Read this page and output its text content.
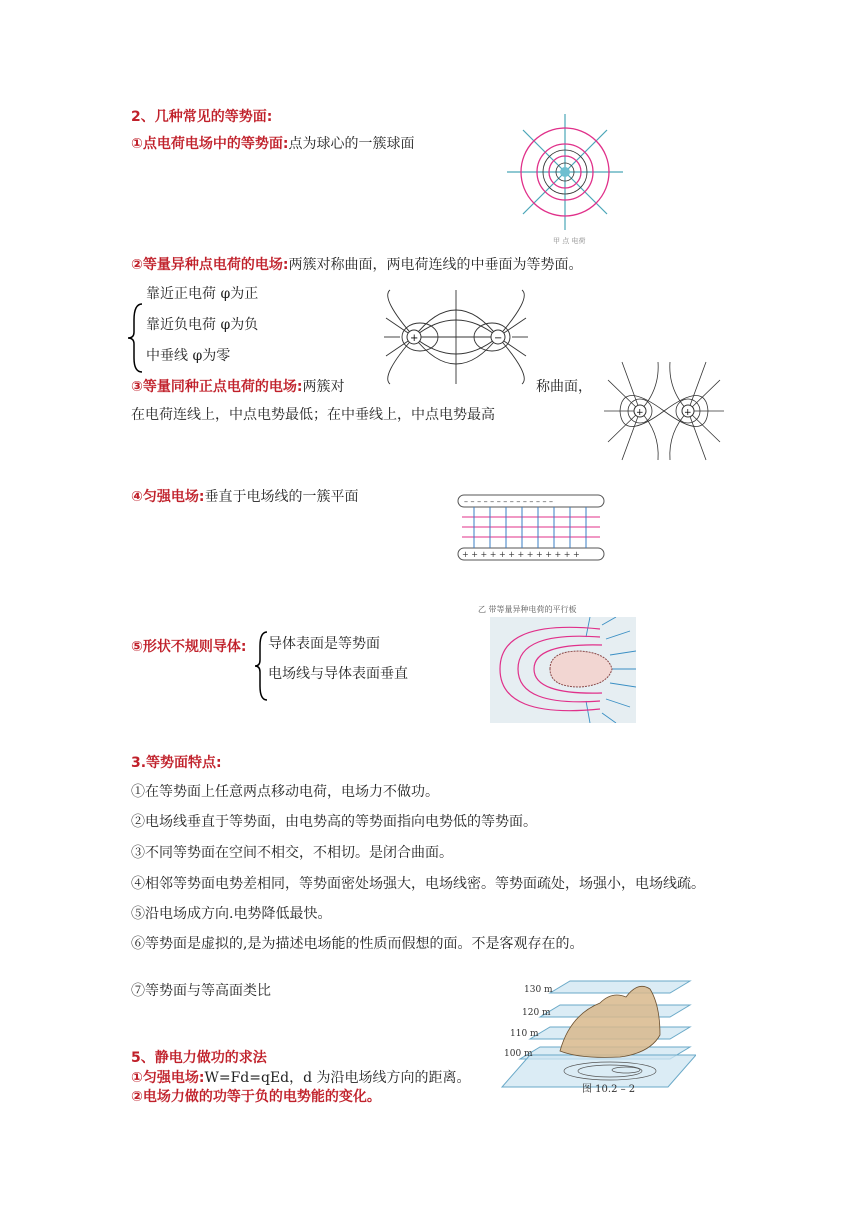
2、几种常见的等势面:
①点电荷电场中的等势面:点为球心的一簇球面
甲 点 电荷
②等量异种点电荷的电场:两簇对称曲面，两电荷连线的中垂面为等势面。
靠近正电荷 φ为正
靠近负电荷 φ为负
中垂线 φ为零
+	−
③等量同种正点电荷的电场:两簇对	称曲面，
在电荷连线上，中点电势最低；在中垂线上，中点电势最高	+	+
④匀强电场:垂直于电场线的一簇平面	– – – – – – – – – – – – – –
+ + + + + + + + + + + + +
⑤形状不规则导体: 导体表面是等势面
电场线与导体表面垂直
乙 带等量异种电荷的平行板
3.等势面特点:
①在等势面上任意两点移动电荷，电场力不做功。
②电场线垂直于等势面，由电势高的等势面指向电势低的等势面。
③不同等势面在空间不相交，不相切。是闭合曲面。
④相邻等势面电势差相同，等势面密处场强大，电场线密。等势面疏处，场强小，电场线疏。
⑤沿电场成方向.电势降低最快。
⑥等势面是虚拟的,是为描述电场能的性质而假想的面。不是客观存在的。
⑦等势面与等高面类比	130 m
120 m
110 m
100 m
图 10.2 – 2
5、静电力做功的求法
①匀强电场:W=Fd=qEd，d 为沿电场线方向的距离。
②电场力做的功等于负的电势能的变化。
